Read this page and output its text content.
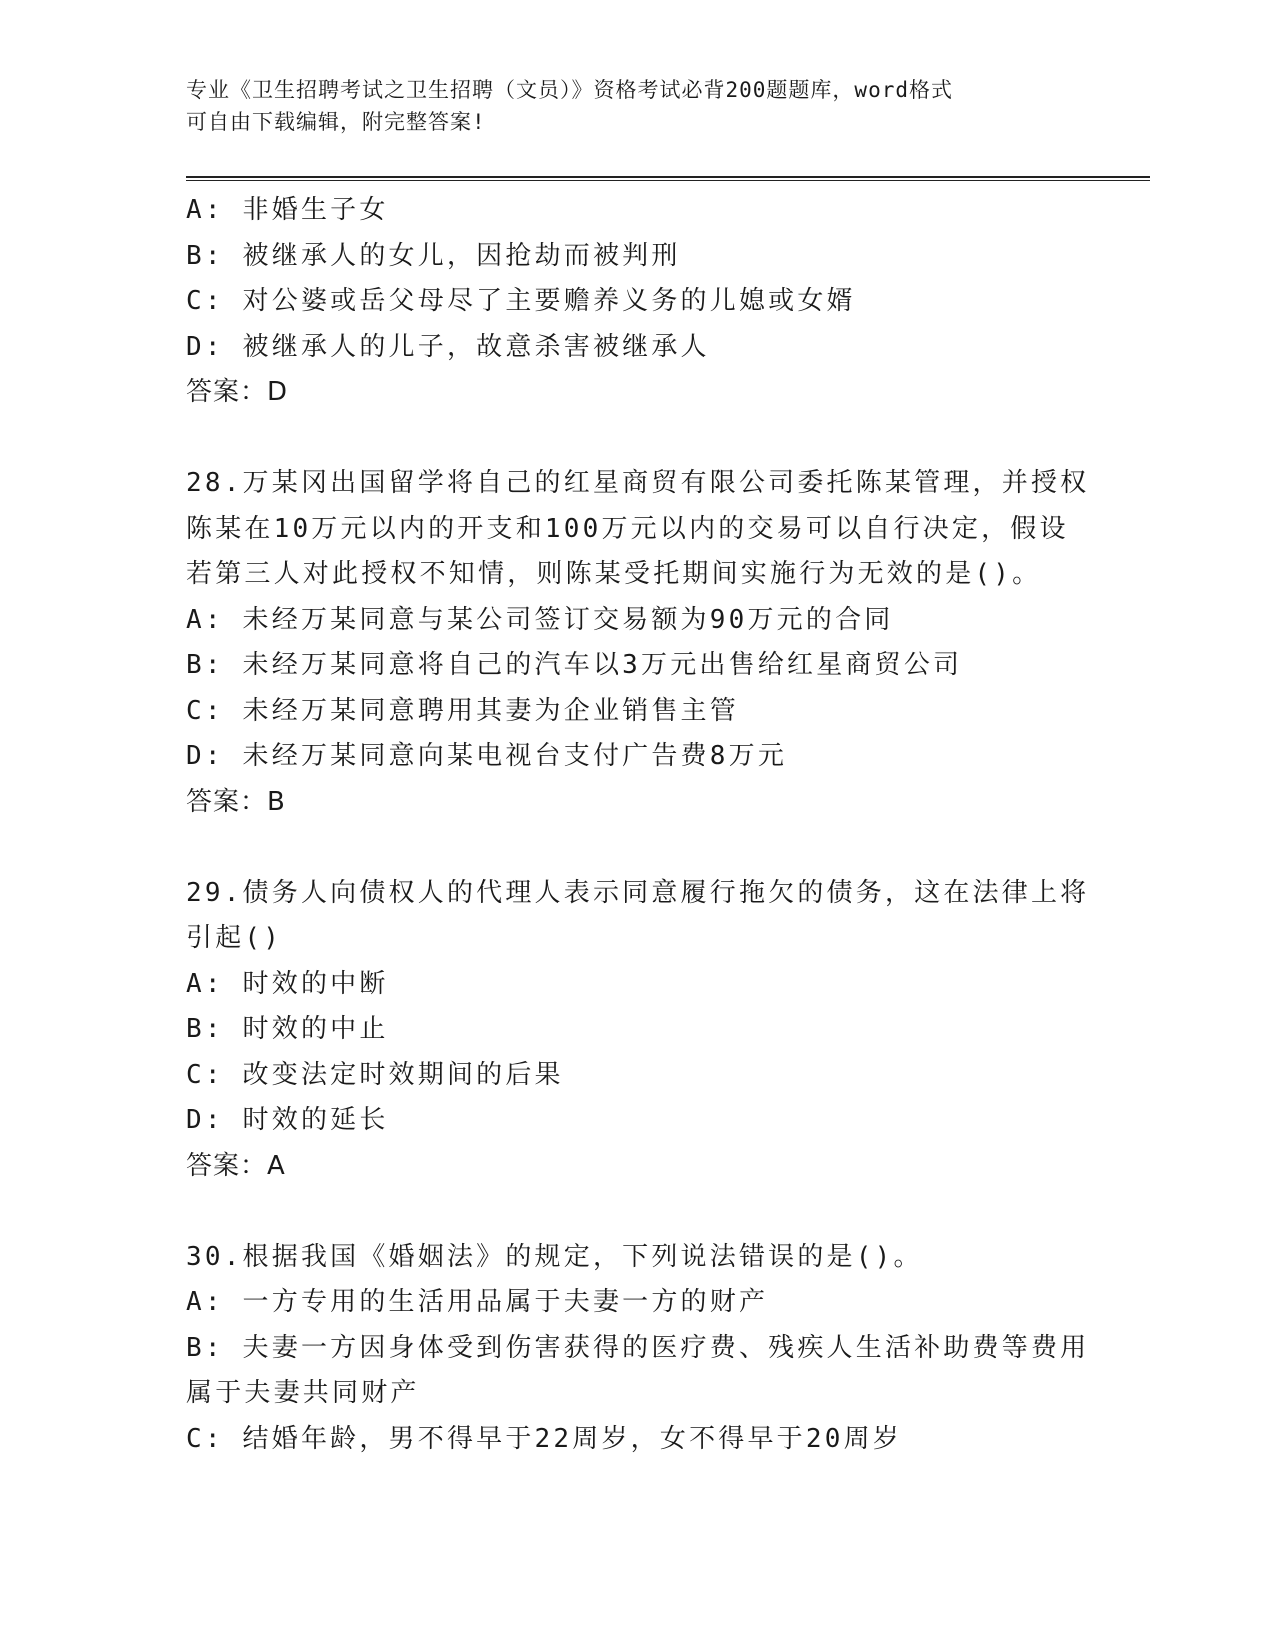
专业《卫生招聘考试之卫生招聘（文员）》资格考试必背200题题库，word格式
可自由下载编辑，附完整答案!
A: 非婚生子女
B: 被继承人的女儿，因抢劫而被判刑
C: 对公婆或岳父母尽了主要赡养义务的儿媳或女婿
D: 被继承人的儿子，故意杀害被继承人
答案：D
28.万某冈出国留学将自己的红星商贸有限公司委托陈某管理，并授权
陈某在10万元以内的开支和100万元以内的交易可以自行决定，假设
若第三人对此授权不知情，则陈某受托期间实施行为无效的是()。
A: 未经万某同意与某公司签订交易额为90万元的合同
B: 未经万某同意将自己的汽车以3万元出售给红星商贸公司
C: 未经万某同意聘用其妻为企业销售主管
D: 未经万某同意向某电视台支付广告费8万元
答案：B
29.债务人向债权人的代理人表示同意履行拖欠的债务，这在法律上将
引起()
A: 时效的中断
B: 时效的中止
C: 改变法定时效期间的后果
D: 时效的延长
答案：A
30.根据我国《婚姻法》的规定，下列说法错误的是()。
A: 一方专用的生活用品属于夫妻一方的财产
B: 夫妻一方因身体受到伤害获得的医疗费、残疾人生活补助费等费用
属于夫妻共同财产
C: 结婚年龄，男不得早于22周岁，女不得早于20周岁
